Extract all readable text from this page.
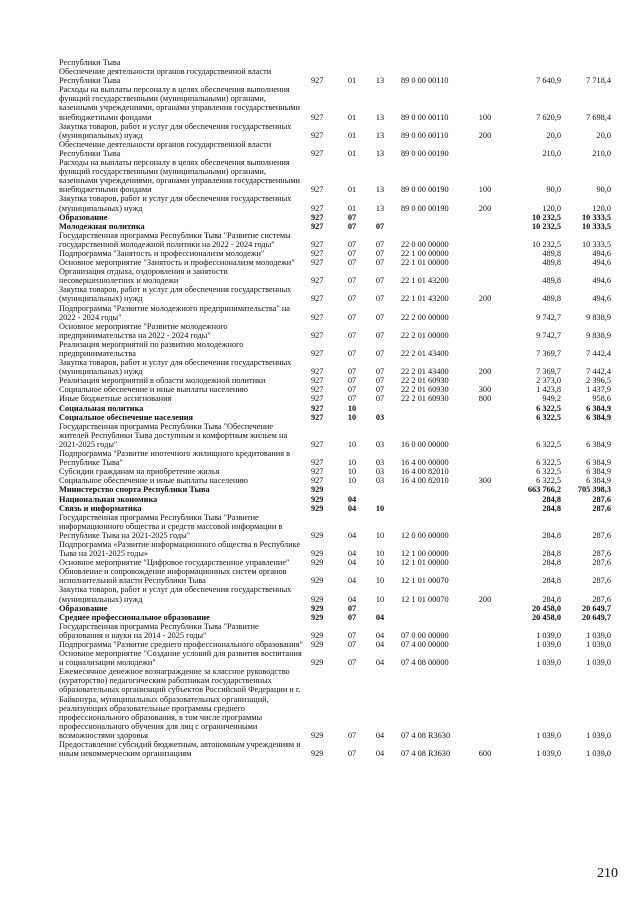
Республики Тыва
Обеспечение деятельности органов государственной власти Республики Тыва	927	01	13	89 0 00 00110	7 640,9	7 718,4
Расходы на выплаты персоналу в целях обеспечения выполнения функций государственными (муниципальными) органами, казенными учреждениями, органами управления государственными внебюджетными фондами	927	01	13	89 0 00 00110	100	7 620,9	7 698,4
Закупка товаров, работ и услуг для обеспечения государственных (муниципальных) нужд	927	01	13	89 0 00 00110	200	20,0	20,0
Обеспечение деятельности органов государственной власти Республики Тыва	927	01	13	89 0 00 00190	210,0	210,0
Расходы на выплаты персоналу в целях обеспечения выполнения функций государственными (муниципальными) органами, казенными учреждениями, органами управления государственными внебюджетными фондами	927	01	13	89 0 00 00190	100	90,0	90,0
Закупка товаров, работ и услуг для обеспечения государственных (муниципальных) нужд	927	01	13	89 0 00 00190	200	120,0	120,0
Образование	927	07	10 232,5	10 333,5
Молодежная политика	927	07	07	10 232,5	10 333,5
Государственная программа Республики Тыва "Развитие системы государственной молодежной политики на 2022 - 2024 годы"	927	07	07	22 0 00 00000	10 232,5	10 333,5
Подпрограмма "Занятость и профессионализм молодежи"	927	07	07	22 1 00 00000	489,8	494,6
Основное мероприятие "Занятость и профессионализм молодежи"	927	07	07	22 1 01 00000	489,8	494,6
Организация отдыха, оздоровления и занятости несовершеннолетних и молодежи	927	07	07	22 1 01 43200	489,8	494,6
Закупка товаров, работ и услуг для обеспечения государственных (муниципальных) нужд	927	07	07	22 1 01 43200	200	489,8	494,6
Подпрограмма "Развитие молодежного предпринимательства" на 2022 - 2024 годы"	927	07	07	22 2 00 00000	9 742,7	9 838,9
Основное мероприятие "Развитие молодежного предпринимательства на 2022 - 2024 годы"	927	07	07	22 2 01 00000	9 742,7	9 838,9
Реализация мероприятий по развитию молодежного предпринимательства	927	07	07	22 2 01 43400	7 369,7	7 442,4
Закупка товаров, работ и услуг для обеспечения государственных (муниципальных) нужд	927	07	07	22 2 01 43400	200	7 369,7	7 442,4
Реализация мероприятий в области молодежной политики	927	07	07	22 2 01 60930	2 373,0	2 396,5
Социальное обеспечение и иные выплаты населению	927	07	07	22 2 01 60930	300	1 423,8	1 437,9
Иные бюджетные ассигнования	927	07	07	22 2 01 60930	800	949,2	958,6
Социальная политика	927	10	6 322,5	6 384,9
Социальное обеспечение населения	927	10	03	6 322,5	6 384,9
Государственная программа Республики Тыва "Обеспечение жителей Республики Тыва доступным и комфортным жильем на 2021-2025 годы"	927	10	03	16 0 00 00000	6 322,5	6 384,9
Подпрограмма "Развитие ипотечного жилищного кредитования в Республике Тыва"	927	10	03	16 4 00 00000	6 322,5	6 384,9
Субсидии гражданам на приобретение жилья	927	10	03	16 4 00 82010	6 322,5	6 384,9
Социальное обеспечение и иные выплаты населению	927	10	03	16 4 00 82010	300	6 322,5	6 384,9
Министерство спорта Республики Тыва	929	663 766,2	705 398,3
Национальная экономика	929	04	284,8	287,6
Связь и информатика	929	04	10	284,8	287,6
Государственная программа Республики Тыва "Развитие информационного общества и средств массовой информации в Республике Тыва на 2021-2025 годы"	929	04	10	12 0 00 00000	284,8	287,6
Подпрограмма «Развитие информационного общества в Республике Тыва на 2021-2025 годы»	929	04	10	12 1 00 00000	284,8	287,6
Основное мероприятие "Цифровое государственное управление"	929	04	10	12 1 01 00000	284,8	287,6
Обновление и сопровождение информационных систем органов исполнительной власти Республики Тыва	929	04	10	12 1 01 00070	284,8	287,6
Закупка товаров, работ и услуг для обеспечения государственных (муниципальных) нужд	929	04	10	12 1 01 00070	200	284,8	287,6
Образование	929	07	20 458,0	20 649,7
Среднее профессиональное образование	929	07	04	20 458,0	20 649,7
Государственная программа Республики Тыва "Развитие образования и науки на 2014 - 2025 годы"	929	07	04	07 0 00 00000	1 039,0	1 039,0
Подпрограмма "Развитие среднего профессионального образования" 929	07	04	07 4 00 00000	1 039,0	1 039,0
Основное мероприятие "Создание условий для развития воспитания и социализации молодежи"	929	07	04	07 4 08 00000	1 039,0	1 039,0
Ежемесячное денежное вознаграждение за классное руководство (кураторство) педагогическим работникам государственных образовательных организаций субъектов Российской Федерации и г. Байконура, муниципальных образовательных организаций, реализующих образовательные программы среднего профессионального образования, в том числе программы профессионального обучения для лиц с ограниченными возможностями здоровья	929	07	04	07 4 08 R3630	1 039,0	1 039,0
Предоставление субсидий бюджетным, автономным учреждениям и иным некоммерческим организациям	929	07	04	07 4 08 R3630	600	1 039,0	1 039,0
210
